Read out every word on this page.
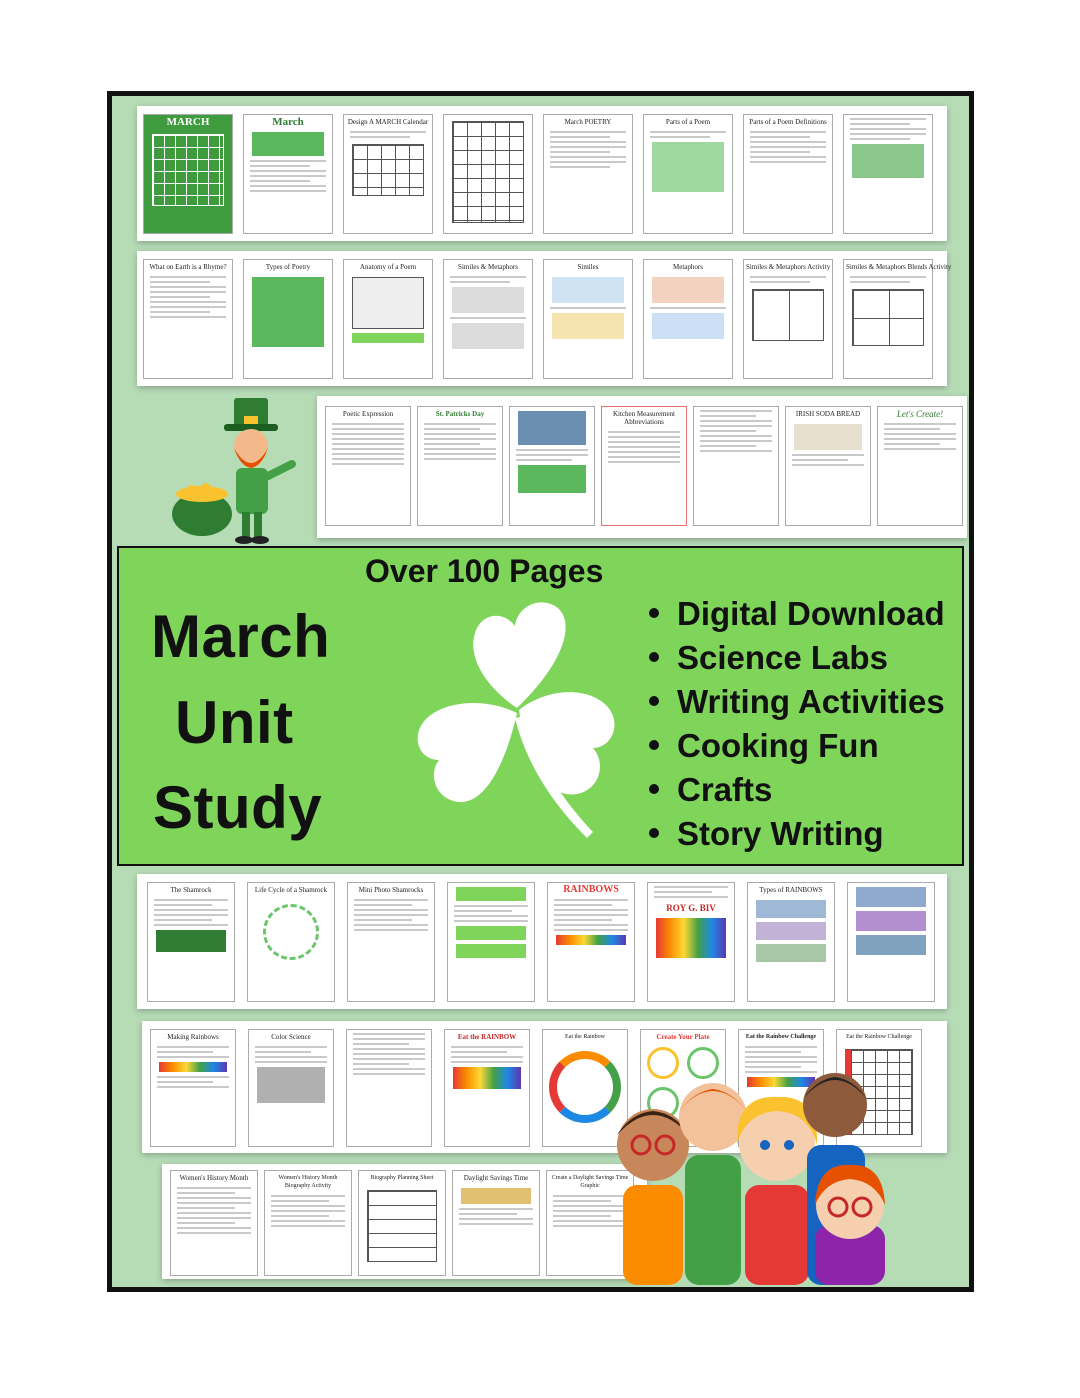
MARCH	March	Design A MARCH Calendar	March POETRY	Parts of a Poem	Parts of a Poem Definitions
What on Earth is a Rhyme?	Types of Poetry	Anatomy of a Poem	Similes & Metaphors	Similes	Metaphors	Similes & Metaphors Activity Similes & Metaphors Blends Activity
Poetic Expression	St. Patricks Day	Kitchen Measurement Abbreviations
IRISH SODA BREAD	Let's Create!
Over 100 Pages
March
Unit
Study
Digital Download
Science Labs
Writing Activities
Cooking Fun
Crafts
Story Writing
The Shamrock	Life Cycle of a Shamrock	Mini Photo Shamrocks	RAINBOWS
ROY G. BIV
Types of RAINBOWS
Making Rainbows	Color Science	Eat the RAINBOW	Eat the Rainbow	Create Your Plate	Eat the Rainbow Challenge	Eat the Rainbow Challenge
Women's History Month	Women's History Month Biography Activity
Biography Planning Sheet	Daylight Savings Time	Create a Daylight Savings Time Graphic
